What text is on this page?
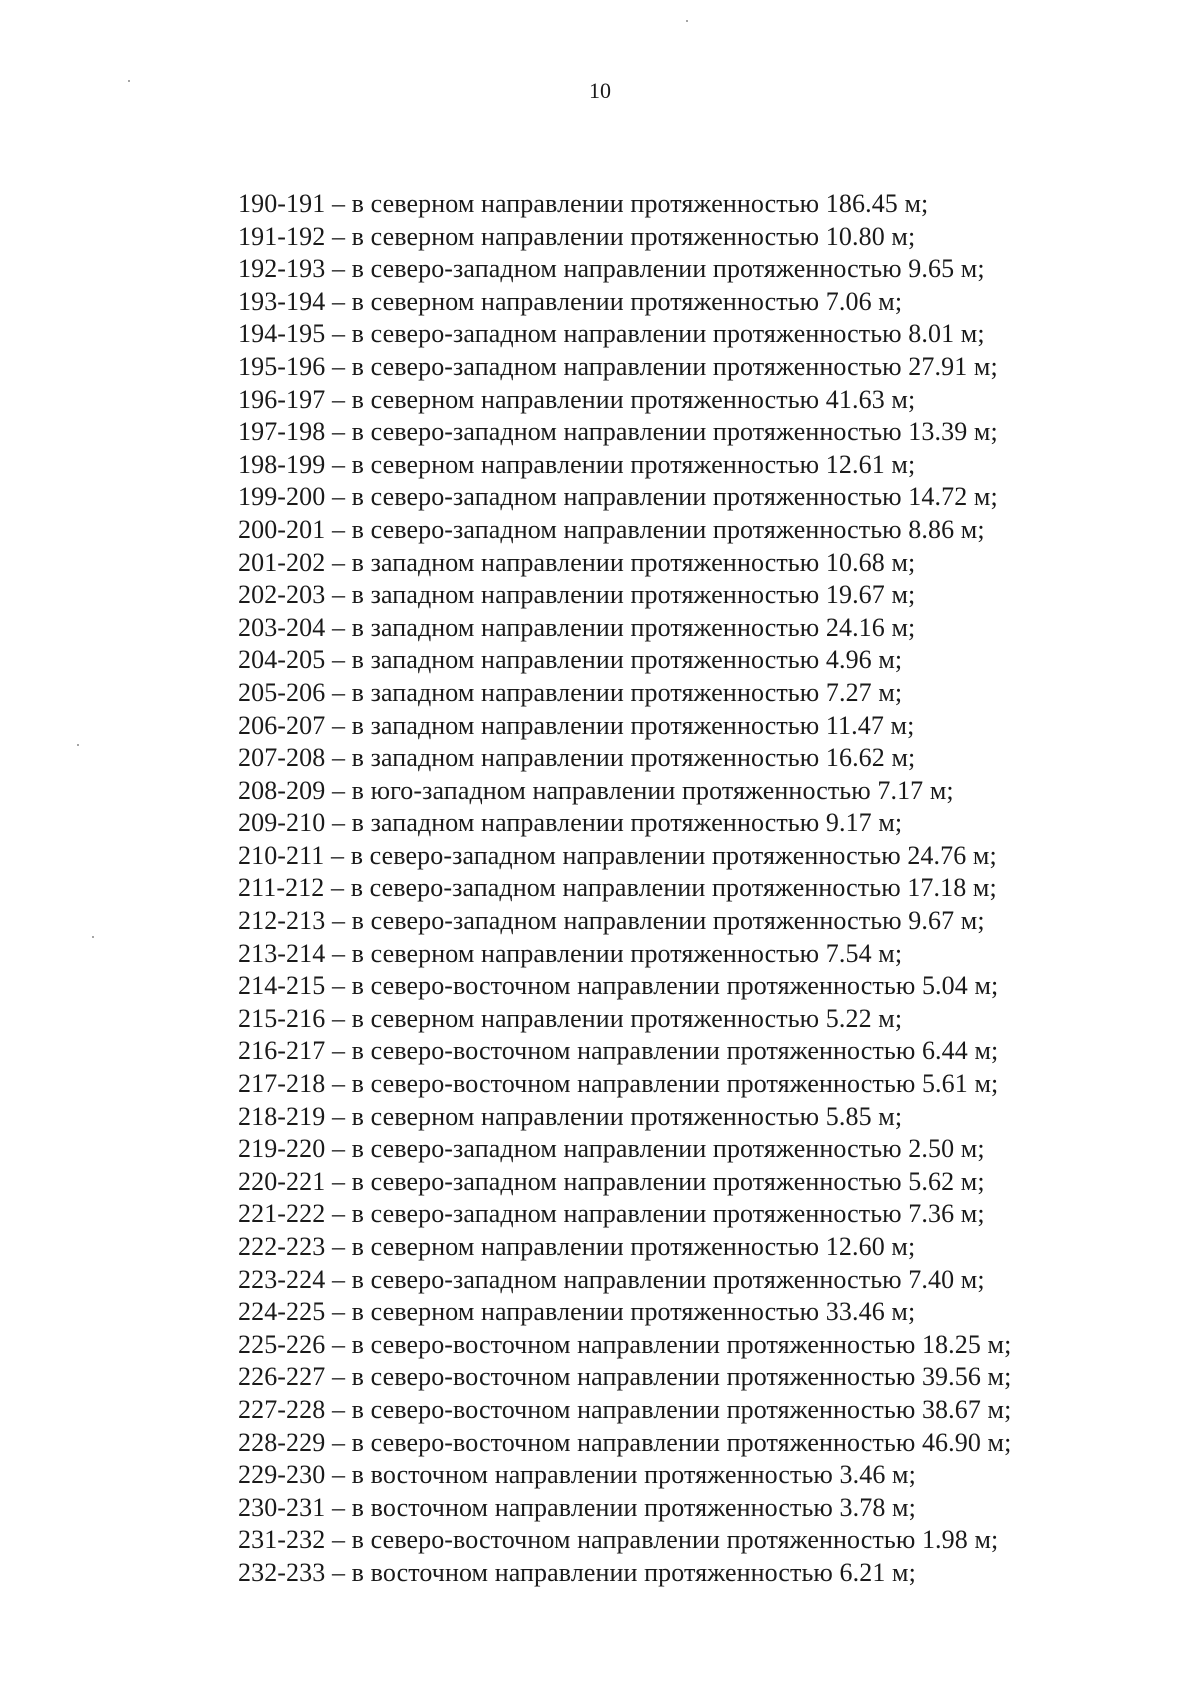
10
190-191 – в северном направлении протяженностью 186.45 м;
191-192 – в северном направлении протяженностью 10.80 м;
192-193 – в северо-западном направлении протяженностью 9.65 м;
193-194 – в северном направлении протяженностью 7.06 м;
194-195 – в северо-западном направлении протяженностью 8.01 м;
195-196 – в северо-западном направлении протяженностью 27.91 м;
196-197 – в северном направлении протяженностью 41.63 м;
197-198 – в северо-западном направлении протяженностью 13.39 м;
198-199 – в северном направлении протяженностью 12.61 м;
199-200 – в северо-западном направлении протяженностью 14.72 м;
200-201 – в северо-западном направлении протяженностью 8.86 м;
201-202 – в западном направлении протяженностью 10.68 м;
202-203 – в западном направлении протяженностью 19.67 м;
203-204 – в западном направлении протяженностью 24.16 м;
204-205 – в западном направлении протяженностью 4.96 м;
205-206 – в западном направлении протяженностью 7.27 м;
206-207 – в западном направлении протяженностью 11.47 м;
207-208 – в западном направлении протяженностью 16.62 м;
208-209 – в юго-западном направлении протяженностью 7.17 м;
209-210 – в западном направлении протяженностью 9.17 м;
210-211 – в северо-западном направлении протяженностью 24.76 м;
211-212 – в северо-западном направлении протяженностью 17.18 м;
212-213 – в северо-западном направлении протяженностью 9.67 м;
213-214 – в северном направлении протяженностью 7.54 м;
214-215 – в северо-восточном направлении протяженностью 5.04 м;
215-216 – в северном направлении протяженностью 5.22 м;
216-217 – в северо-восточном направлении протяженностью 6.44 м;
217-218 – в северо-восточном направлении протяженностью 5.61 м;
218-219 – в северном направлении протяженностью 5.85 м;
219-220 – в северо-западном направлении протяженностью 2.50 м;
220-221 – в северо-западном направлении протяженностью 5.62 м;
221-222 – в северо-западном направлении протяженностью 7.36 м;
222-223 – в северном направлении протяженностью 12.60 м;
223-224 – в северо-западном направлении протяженностью 7.40 м;
224-225 – в северном направлении протяженностью 33.46 м;
225-226 – в северо-восточном направлении протяженностью 18.25 м;
226-227 – в северо-восточном направлении протяженностью 39.56 м;
227-228 – в северо-восточном направлении протяженностью 38.67 м;
228-229 – в северо-восточном направлении протяженностью 46.90 м;
229-230 – в восточном направлении протяженностью 3.46 м;
230-231 – в восточном направлении протяженностью 3.78 м;
231-232 – в северо-восточном направлении протяженностью 1.98 м;
232-233 – в восточном направлении протяженностью 6.21 м;
